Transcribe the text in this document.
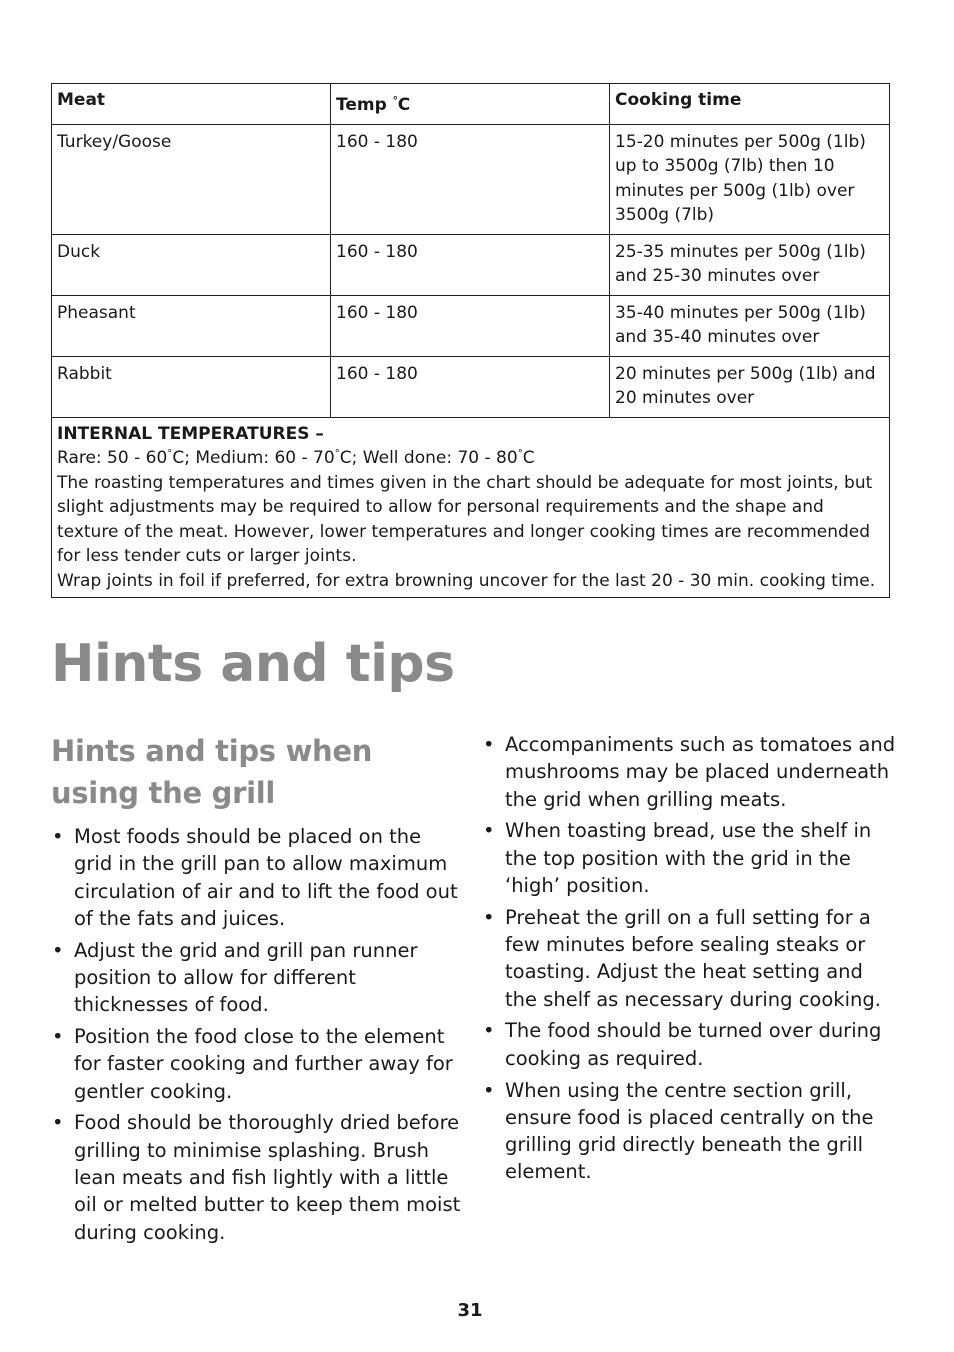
Meat	Temp °C	Cooking time
Turkey/Goose	160 - 180	15-20 minutes per 500g (1lb) up to 3500g (7lb) then 10 minutes per 500g (1lb) over 3500g (7lb)
Duck	160 - 180	25-35 minutes per 500g (1lb) and 25-30 minutes over
Pheasant	160 - 180	35-40 minutes per 500g (1lb) and 35-40 minutes over
Rabbit	160 - 180	20 minutes per 500g (1lb) and 20 minutes over

INTERNAL TEMPERATURES –
Rare: 50 - 60°C; Medium: 60 - 70°C; Well done: 70 - 80°C
The roasting temperatures and times given in the chart should be adequate for most joints, but slight adjustments may be required to allow for personal requirements and the shape and texture of the meat. However, lower temperatures and longer cooking times are recommended for less tender cuts or larger joints.
Wrap joints in foil if preferred, for extra browning uncover for the last 20 - 30 min. cooking time.		
Hints and tips
Hints and tips when using the grill
• Most foods should be placed on the grid in the grill pan to allow maximum circulation of air and to lift the food out of the fats and juices.
• Adjust the grid and grill pan runner position to allow for different thicknesses of food.
• Position the food close to the element for faster cooking and further away for gentler cooking.
• Food should be thoroughly dried before grilling to minimise splashing. Brush lean meats and fish lightly with a little oil or melted butter to keep them moist during cooking.
• Accompaniments such as tomatoes and mushrooms may be placed underneath the grid when grilling meats.
• When toasting bread, use the shelf in the top position with the grid in the ‘high’ position.
• Preheat the grill on a full setting for a few minutes before sealing steaks or toasting. Adjust the heat setting and the shelf as necessary during cooking.
• The food should be turned over during cooking as required.
• When using the centre section grill, ensure food is placed centrally on the grilling grid directly beneath the grill element.
31
